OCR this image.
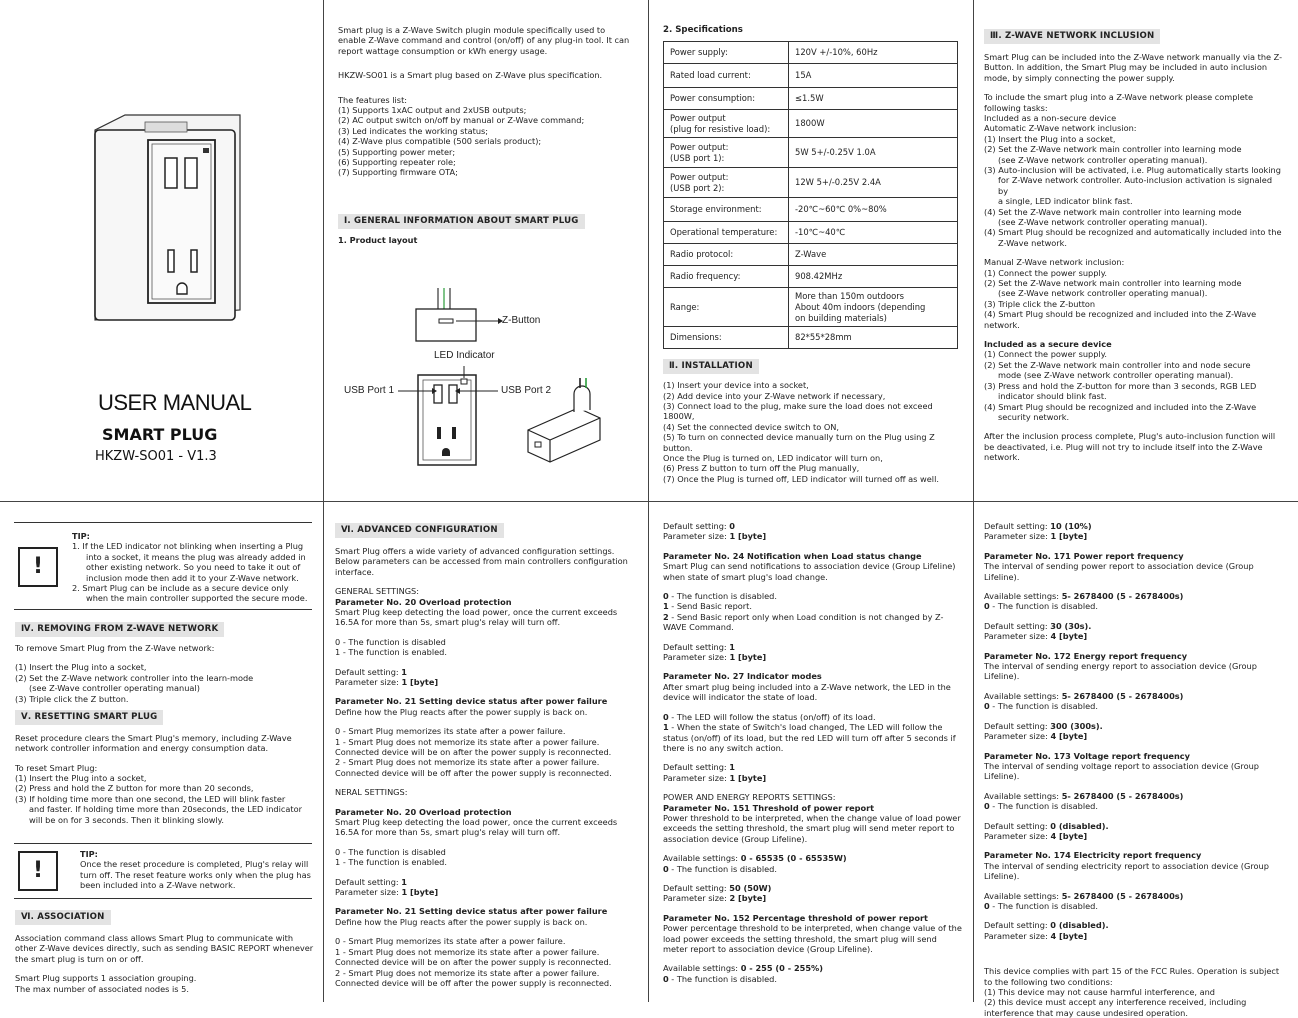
USER MANUAL
SMART PLUG
HKZW-SO01 - V1.3
Smart plug is a Z-Wave Switch plugin module specifically used to enable Z-Wave command and control (on/off) of any plug-in tool. It can report wattage consumption or kWh energy usage.
HKZW-SO01 is a Smart plug based on Z-Wave plus specification.
The features list:
(1) Supports 1xAC output and 2xUSB outputs;
(2) AC output switch on/off by manual or Z-Wave command;
(3) Led indicates the working status;
(4) Z-Wave plus compatible (500 serials product);
(5) Supporting power meter;
(6) Supporting repeater role;
(7) Supporting firmware OTA;
Ⅰ. GENERAL INFORMATION ABOUT SMART PLUG
1. Product layout
Z-Button
LED Indicator
USB Port 1	USB Port 2
2. Specifications
Power supply:	120V +/-10%, 60Hz
Rated load current:	15A
Power consumption:	≤1.5W
Power output
(plug for resistive load):	1800W
Power output:
(USB port 1):	5W 5+/-0.25V 1.0A
Power output:
(USB port 2):	12W 5+/-0.25V 2.4A
Storage environment:	-20℃~60℃ 0%~80%
Operational temperature:	-10℃~40℃
Radio protocol:	Z-Wave
Radio frequency:	908.42MHz
Range:	More than 150m outdoors
About 40m indoors (depending
on building materials)
Dimensions:	82*55*28mm
Ⅱ. INSTALLATION
(1) Insert your device into a socket,
(2) Add device into your Z-Wave network if necessary,
(3) Connect load to the plug, make sure the load does not exceed 1800W,
(4) Set the connected device switch to ON,
(5) To turn on connected device manually turn on the Plug using Z button.
Once the Plug is turned on, LED indicator will turn on,
(6) Press Z button to turn off the Plug manually,
(7) Once the Plug is turned off, LED indicator will turned off as well.
Ⅲ. Z-WAVE NETWORK INCLUSION
Smart Plug can be included into the Z-Wave network manually via the Z-Button. In addition, the Smart Plug may be included in auto inclusion mode, by simply connecting the power supply.
To include the smart plug into a Z-Wave network please complete following tasks:
Included as a non-secure device
Automatic Z-Wave network inclusion:
(1) Insert the Plug into a socket,
(2) Set the Z-Wave network main controller into learning mode
(see Z-Wave network controller operating manual).
(3) Auto-inclusion will be activated, i.e. Plug automatically starts looking
for Z-Wave network controller. Auto-inclusion activation is signaled by
a single, LED indicator blink fast.
(4) Set the Z-Wave network main controller into learning mode
(see Z-Wave network controller operating manual).
(4) Smart Plug should be recognized and automatically included into the
Z-Wave network.
Manual Z-Wave network inclusion:
(1) Connect the power supply.
(2) Set the Z-Wave network main controller into learning mode
(see Z-Wave network controller operating manual).
(3) Triple click the Z-button
(4) Smart Plug should be recognized and included into the Z-Wave network.
Included as a secure device
(1) Connect the power supply.
(2) Set the Z-Wave network main controller into and node secure
mode (see Z-Wave network controller operating manual).
(3) Press and hold the Z-button for more than 3 seconds, RGB LED
indicator should blink fast.
(4) Smart Plug should be recognized and included into the Z-Wave
security network.
After the inclusion process complete, Plug's auto-inclusion function will be deactivated, i.e. Plug will not try to include itself into the Z-Wave network.
!
TIP:
1. If the LED indicator not blinking when inserting a Plug
into a socket, it means the plug was already added in
other existing network. So you need to take it out of
inclusion mode then add it to your Z-Wave network.
2. Smart Plug can be include as a secure device only
when the main controller supported the secure mode.
Ⅳ. REMOVING FROM Z-WAVE NETWORK
To remove Smart Plug from the Z-Wave network:
(1) Insert the Plug into a socket,
(2) Set the Z-Wave network controller into the learn-mode
(see Z-Wave controller operating manual)
(3) Triple click the Z button.
Ⅴ. RESETTING SMART PLUG
Reset procedure clears the Smart Plug's memory, including Z-Wave network controller information and energy consumption data.
To reset Smart Plug:
(1) Insert the Plug into a socket,
(2) Press and hold the Z button for more than 20 seconds,
(3) If holding time more than one second, the LED will blink faster
and faster. If holding time more than 20seconds, the LED indicator
will be on for 3 seconds. Then it blinking slowly.
!
TIP:
Once the reset procedure is completed, Plug's relay will turn off. The reset feature works only when the plug has been included into a Z-Wave network.
Ⅵ. ASSOCIATION
Association command class allows Smart Plug to communicate with other Z-Wave devices directly, such as sending BASIC REPORT whenever the smart plug is turn on or off.
Smart Plug supports 1 association grouping.
The max number of associated nodes is 5.
Ⅵ. ADVANCED CONFIGURATION
Smart Plug offers a wide variety of advanced configuration settings. Below parameters can be accessed from main controllers configuration interface.
GENERAL SETTINGS:
Parameter No. 20 Overload protection
Smart Plug keep detecting the load power, once the current exceeds 16.5A for more than 5s, smart plug's relay will turn off.
0 - The function is disabled
1 - The function is enabled.
Default setting: 1
Parameter size: 1 [byte]
Parameter No. 21 Setting device status after power failure
Define how the Plug reacts after the power supply is back on.
0 - Smart Plug memorizes its state after a power failure.
1 - Smart Plug does not memorize its state after a power failure. Connected device will be on after the power supply is reconnected.
2 - Smart Plug does not memorize its state after a power failure. Connected device will be off after the power supply is reconnected.
NERAL SETTINGS:
Parameter No. 20 Overload protection
Smart Plug keep detecting the load power, once the current exceeds 16.5A for more than 5s, smart plug's relay will turn off.
0 - The function is disabled
1 - The function is enabled.
Default setting: 1
Parameter size: 1 [byte]
Parameter No. 21 Setting device status after power failure
Define how the Plug reacts after the power supply is back on.
0 - Smart Plug memorizes its state after a power failure.
1 - Smart Plug does not memorize its state after a power failure. Connected device will be on after the power supply is reconnected.
2 - Smart Plug does not memorize its state after a power failure. Connected device will be off after the power supply is reconnected.
Default setting: 0
Parameter size: 1 [byte]
Parameter No. 24 Notification when Load status change
Smart Plug can send notifications to association device (Group Lifeline) when state of smart plug's load change.
0 - The function is disabled.
1 - Send Basic report.
2 - Send Basic report only when Load condition is not changed by Z-WAVE Command.
Default setting: 1
Parameter size: 1 [byte]
Parameter No. 27 Indicator modes
After smart plug being included into a Z-Wave network, the LED in the device will indicator the state of load.
0 - The LED will follow the status (on/off) of its load.
1 - When the state of Switch's load changed, The LED will follow the status (on/off) of its load, but the red LED will turn off after 5 seconds if there is no any switch action.
Default setting: 1
Parameter size: 1 [byte]
POWER AND ENERGY REPORTS SETTINGS:
Parameter No. 151 Threshold of power report
Power threshold to be interpreted, when the change value of load power exceeds the setting threshold, the smart plug will send meter report to association device (Group Lifeline).
Available settings: 0 - 65535 (0 - 65535W)
0 - The function is disabled.
Default setting: 50 (50W)
Parameter size: 2 [byte]
Parameter No. 152 Percentage threshold of power report
Power percentage threshold to be interpreted, when change value of the load power exceeds the setting threshold, the smart plug will send meter report to association device (Group Lifeline).
Available settings: 0 - 255 (0 - 255%)
0 - The function is disabled.
Default setting: 10 (10%)
Parameter size: 1 [byte]
Parameter No. 171 Power report frequency
The interval of sending power report to association device (Group Lifeline).
Available settings: 5- 2678400 (5 - 2678400s)
0 - The function is disabled.
Default setting: 30 (30s).
Parameter size: 4 [byte]
Parameter No. 172 Energy report frequency
The interval of sending energy report to association device (Group Lifeline).
Available settings: 5- 2678400 (5 - 2678400s)
0 - The function is disabled.
Default setting: 300 (300s).
Parameter size: 4 [byte]
Parameter No. 173 Voltage report frequency
The interval of sending voltage report to association device (Group Lifeline).
Available settings: 5- 2678400 (5 - 2678400s)
0 - The function is disabled.
Default setting: 0 (disabled).
Parameter size: 4 [byte]
Parameter No. 174 Electricity report frequency
The interval of sending electricity report to association device (Group Lifeline).
Available settings: 5- 2678400 (5 - 2678400s)
0 - The function is disabled.
Default setting: 0 (disabled).
Parameter size: 4 [byte]
This device complies with part 15 of the FCC Rules. Operation is subject to the following two conditions:
(1) This device may not cause harmful interference, and
(2) this device must accept any interference received, including interference that may cause undesired operation.
